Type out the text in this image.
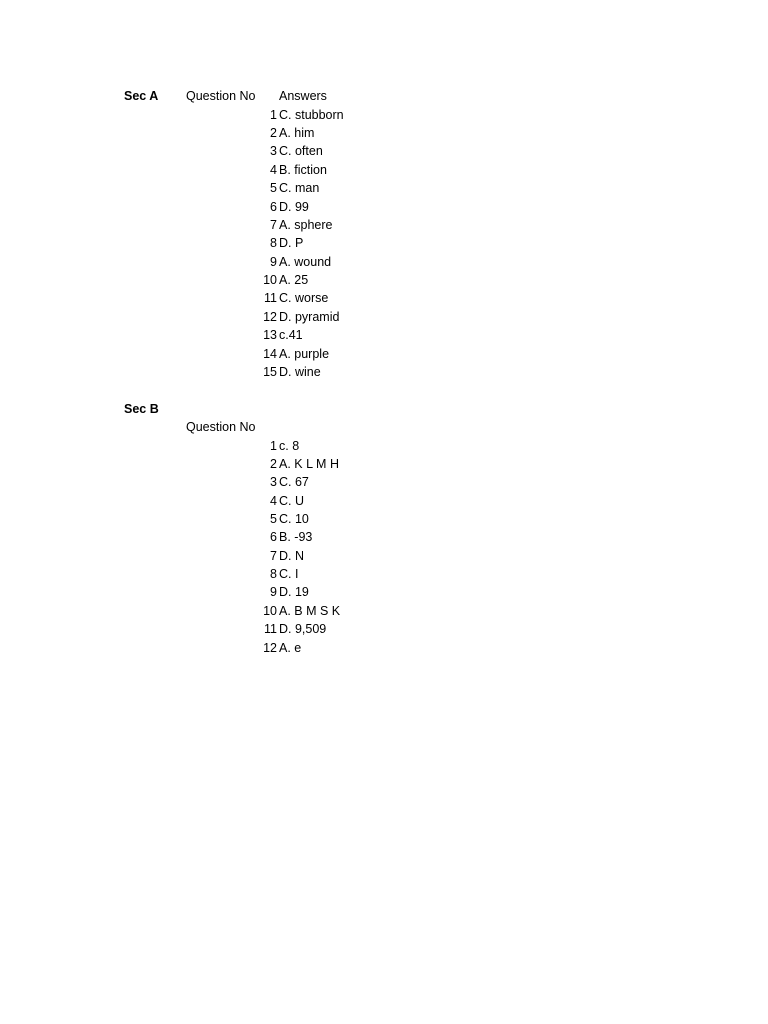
Sec A Question No Answers
1 C. stubborn
2 A. him
3 C. often
4 B. fiction
5 C. man
6 D. 99
7 A. sphere
8 D. P
9 A. wound
10 A. 25
11 C. worse
12 D. pyramid
13 c.41
14 A. purple
15 D. wine
Sec B
Question No
1 c. 8
2 A. K L M H
3 C. 67
4 C. U
5 C. 10
6 B. -93
7 D. N
8 C. I
9 D. 19
10 A. B M S K
11 D. 9,509
12 A. e
